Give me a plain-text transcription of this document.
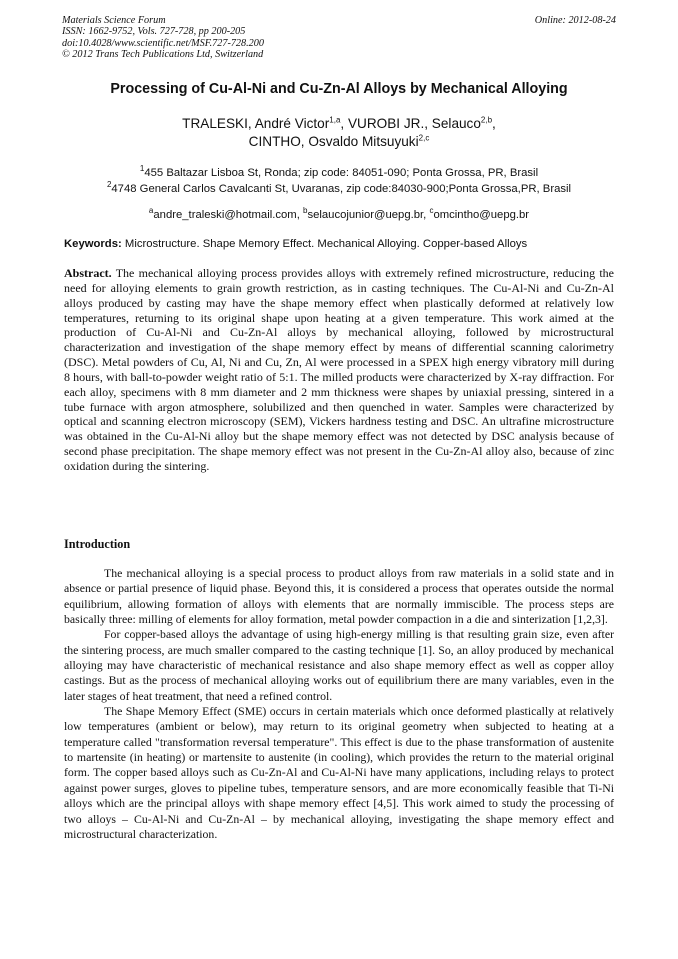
Materials Science Forum
ISSN: 1662-9752, Vols. 727-728, pp 200-205
doi:10.4028/www.scientific.net/MSF.727-728.200
© 2012 Trans Tech Publications Ltd, Switzerland
Online: 2012-08-24
Processing of Cu-Al-Ni and Cu-Zn-Al Alloys by Mechanical Alloying
TRALESKI, André Victor$^{1,a}$, VUROBI JR., Selauco$^{2,b}$,
CINTHO, Osvaldo Mitsuyuki$^{2,c}$
$^1$455 Baltazar Lisboa St, Ronda; zip code: 84051-090; Ponta Grossa, PR, Brasil
$^2$4748 General Carlos Cavalcanti St, Uvaranas, zip code:84030-900;Ponta Grossa,PR, Brasil
$^a$andre_traleski@hotmail.com, $^b$selaucojunior@uepg.br, $^c$omcintho@uepg.br
Keywords: Microstructure. Shape Memory Effect. Mechanical Alloying. Copper-based Alloys
Abstract. The mechanical alloying process provides alloys with extremely refined microstructure, reducing the need for alloying elements to grain growth restriction, as in casting techniques. The Cu-Al-Ni and Cu-Zn-Al alloys produced by casting may have the shape memory effect when plastically deformed at relatively low temperatures, returning to its original shape upon heating at a given temperature. This work aimed at the production of Cu-Al-Ni and Cu-Zn-Al alloys by mechanical alloying, followed by microstructural characterization and investigation of the shape memory effect by means of differential scanning calorimetry (DSC). Metal powders of Cu, Al, Ni and Cu, Zn, Al were processed in a SPEX high energy vibratory mill during 8 hours, with ball-to-powder weight ratio of 5:1. The milled products were characterized by X-ray diffraction. For each alloy, specimens with 8 mm diameter and 2 mm thickness were shapes by uniaxial pressing, sintered in a tube furnace with argon atmosphere, solubilized and then quenched in water. Samples were characterized by optical and scanning electron microscopy (SEM), Vickers hardness testing and DSC. An ultrafine microstructure was obtained in the Cu-Al-Ni alloy but the shape memory effect was not detected by DSC analysis because of second phase precipitation. The shape memory effect was not present in the Cu-Zn-Al alloy also, because of zinc oxidation during the sintering.
Introduction

The mechanical alloying is a special process to product alloys from raw materials in a solid state and in absence or partial presence of liquid phase. Beyond this, it is considered a process that operates outside the normal equilibrium, allowing formation of alloys with elements that are normally immiscible. The process steps are basically three: milling of elements for alloy formation, metal powder compaction in a die and sinterization [1,2,3].

For copper-based alloys the advantage of using high-energy milling is that resulting grain size, even after the sintering process, are much smaller compared to the casting technique [1]. So, an alloy produced by mechanical alloying may have characteristic of mechanical resistance and also shape memory effect as well as copper alloy castings. But as the process of mechanical alloying works out of equilibrium there are many variables, even in the later stages of heat treatment, that need a refined control.

The Shape Memory Effect (SME) occurs in certain materials which once deformed plastically at relatively low temperatures (ambient or below), may return to its original geometry when subjected to heating at a temperature called "transformation reversal temperature". This effect is due to the phase transformation of austenite to martensite (in heating) or martensite to austenite (in cooling), which provides the return to the material original form. The copper based alloys such as Cu-Zn-Al and Cu-Al-Ni have many applications, including relays to protect against power surges, gloves to pipeline tubes, temperature sensors, and are more economically feasible that Ti-Ni alloys which are the principal alloys with shape memory effect [4,5]. This work aimed to study the processing of two alloys – Cu-Al-Ni and Cu-Zn-Al – by mechanical alloying, investigating the shape memory effect and microstructural characterization.
